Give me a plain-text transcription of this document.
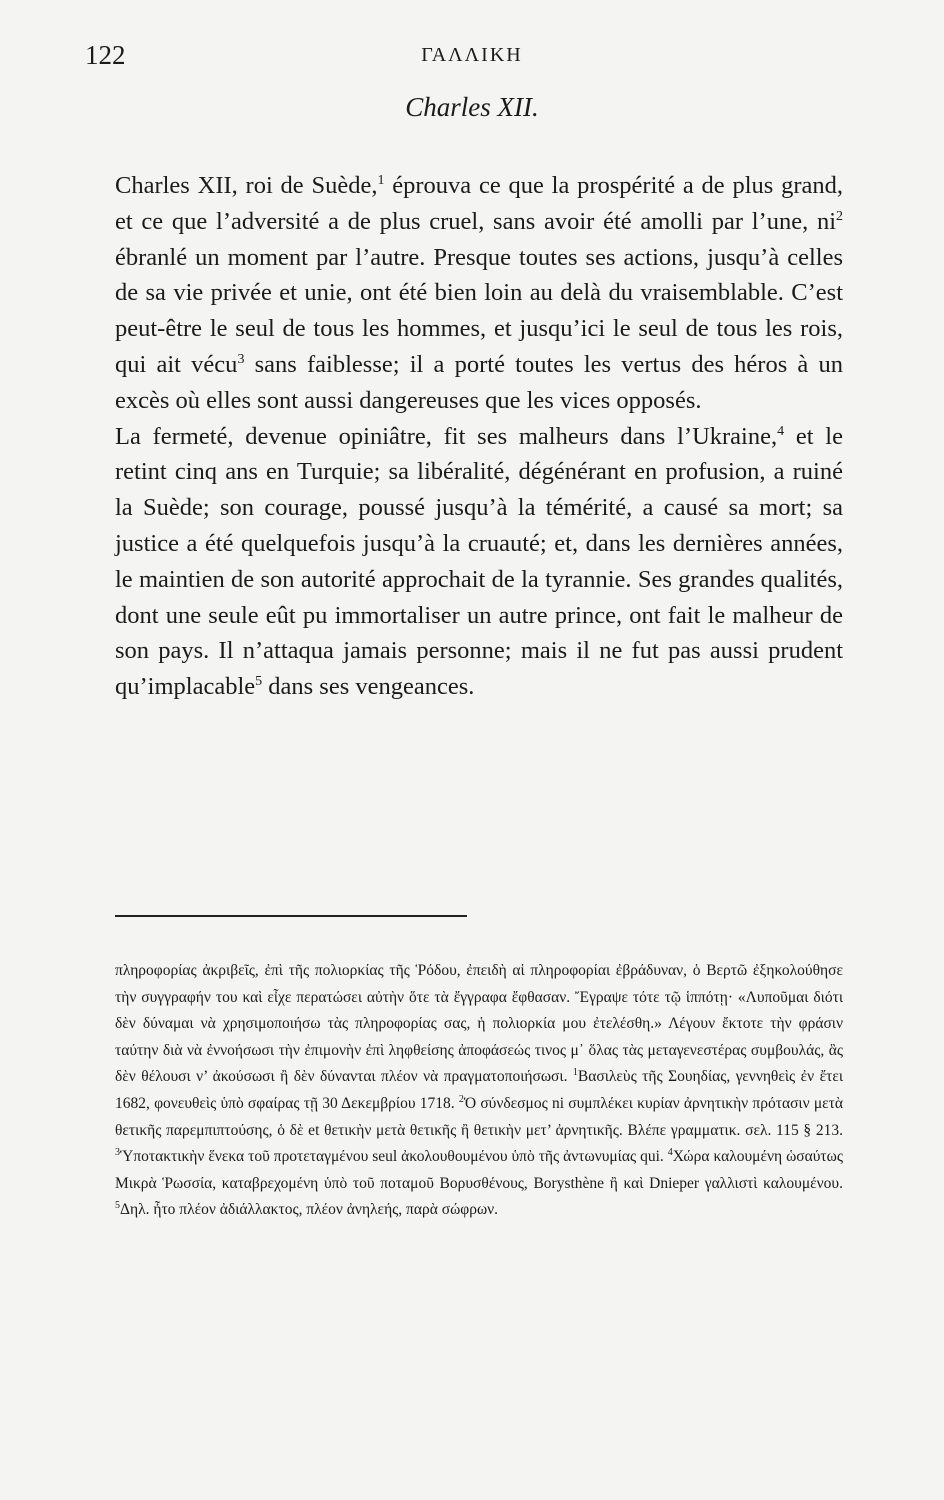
122	ΓΑΛΛΙΚΗ
Charles XII.

Charles XII, roi de Suède,$^1$ éprouva ce que la prospérité a de plus grand, et ce que l’adversité a de plus cruel, sans avoir été amolli par l’une, $ni^2$ ébranlé un moment par l’autre. Presque toutes ses actions, jusqu’à celles de sa vie privée et unie, ont été bien loin au delà du vraisemblable. C’est peut-être le seul de tous les hommes, et jusqu’ici le seul de tous les rois, qui ait vécu$^3$ sans faiblesse; il a porté toutes les vertus des héros à un excès où elles sont aussi dangereuses que les vices opposés.

La fermeté, devenue opiniâtre, fit ses malheurs dans l’Ukraine,$^4$ et le retint cinq ans en Turquie; sa libéralité, dégénérant en profusion, a ruiné la Suède; son courage, poussé jusqu’à la témérité, a causé sa mort; sa justice a été quelquefois jusqu’à la cruauté; et, dans les dernières années, le maintien de son autorité approchait de la tyrannie. Ses grandes qualités, dont une seule eût pu immortaliser un autre prince, ont fait le malheur de son pays. Il n’attaqua jamais personne; mais il ne fut pas aussi prudent qu’implacable$^5$ dans ses vengeances.

πληροφορίας ἀκριβεῖς, ἐπὶ τῆς πολιορκίας τῆς Ῥόδου, ἐπειδὴ αἱ πληροφορίαι ἐβράδυναν, ὁ Βερτῶ ἐξηκολούθησε τὴν συγγραφήν του καὶ εἶχε περατώσει αὐτὴν ὅτε τὰ ἔγγραφα ἔφθασαν. Ἔγραψε τότε τῷ ἱππότῃ· «Λυποῦμαι διότι δὲν δύναμαι νὰ χρησιμοποιήσω τὰς πληροφορίας σας, ἡ πολιορκία μου ἐτελέσθη.» Λέγουν ἔκτοτε τὴν φράσιν ταύτην διὰ νὰ ἐννοήσωσι τὴν ἐπιμονὴν ἐπὶ ληφθείσης ἀποφάσεώς τινος μ᾽ ὅλας τὰς μεταγενεστέρας συμβουλάς, ἃς δὲν θέλουσι ν’ ἀκούσωσι ἢ δὲν δύνανται πλέον νὰ πραγματοποιήσωσι. $^1$Βασιλεὺς τῆς Σουηδίας, γεννηθεὶς ἐν ἔτει 1682, φονευθεὶς ὑπὸ σφαίρας τῇ 30 Δεκεμβρίου 1718. $^2$Ὁ σύνδεσμος ni συμπλέκει κυρίαν ἀρνητικὴν πρότασιν μετὰ θετικῆς παρεμπιπτούσης, ὁ δὲ et θετικὴν μετὰ θετικῆς ἢ θετικὴν μετ’ ἀρνητικῆς. Βλέπε γραμματικ. σελ. 115 § 213. $^3$Ὑποτακτικὴν ἕνεκα τοῦ προτεταγμένου seul ἀκολουθουμένου ὑπὸ τῆς ἀντωνυμίας qui. $^4$Χώρα καλουμένη ὡσαύτως Μικρὰ Ῥωσσία, καταβρεχομένη ὑπὸ τοῦ ποταμοῦ Βορυσθένους, Borysthène ἢ καὶ Dnieper γαλλιστὶ καλουμένου. $^5$Δηλ. ἦτο πλέον ἀδιάλλακτος, πλέον ἀνηλεής, παρὰ σώφρων.
